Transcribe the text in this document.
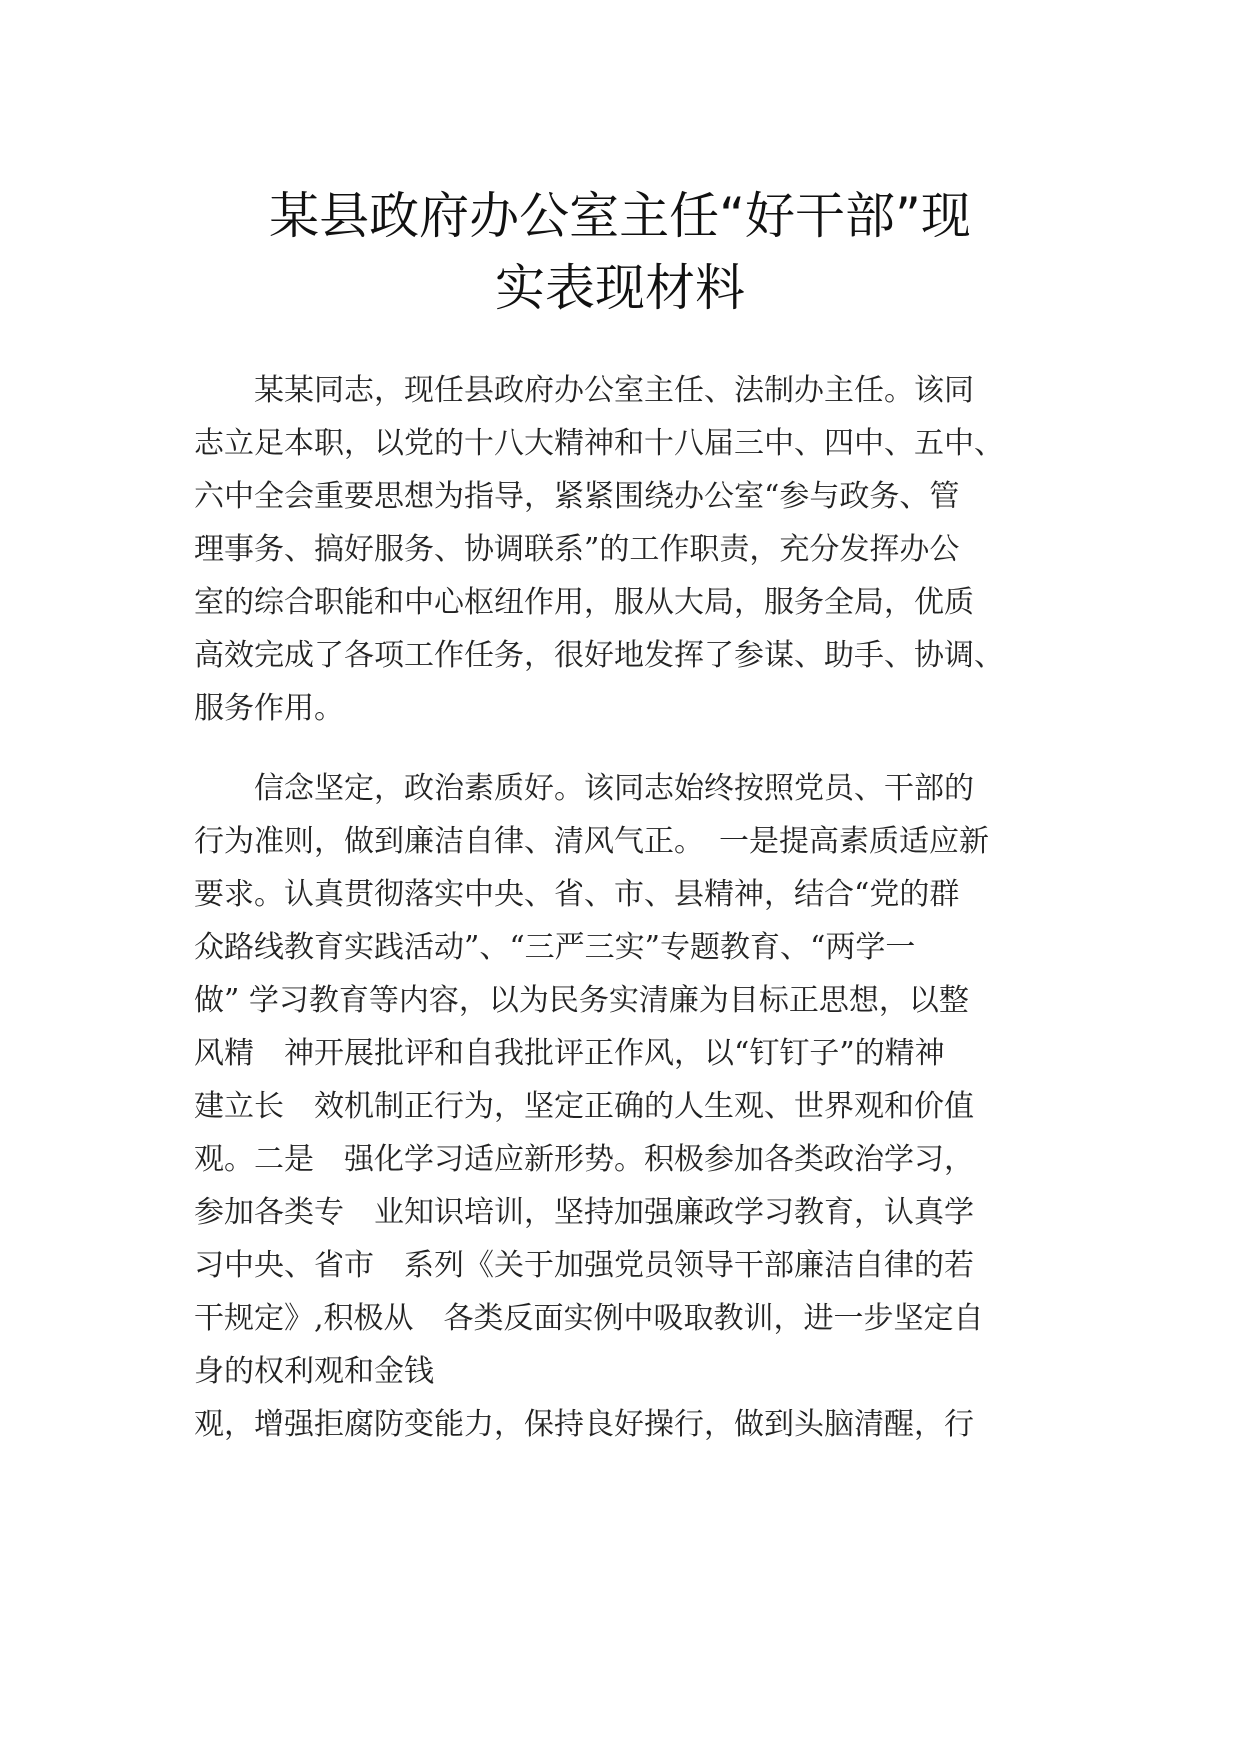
某县政府办公室主任“好干部”现
实表现材料
　　某某同志，现任县政府办公室主任、法制办主任。该同
志立足本职，以党的十八大精神和十八届三中、四中、五中、
六中全会重要思想为指导，紧紧围绕办公室“参与政务、管
理事务、搞好服务、协调联系”的工作职责，充分发挥办公
室的综合职能和中心枢纽作用，服从大局，服务全局，优质
高效完成了各项工作任务，很好地发挥了参谋、助手、协调、
服务作用。
　　信念坚定，政治素质好。该同志始终按照党员、干部的
行为准则，做到廉洁自律、清风气正。　一是提高素质适应新
要求。认真贯彻落实中央、省、市、县精神，结合“党的群
众路线教育实践活动”、“三严三实”专题教育、“两学一
做” 学习教育等内容，以为民务实清廉为目标正思想，以整
风精　神开展批评和自我批评正作风，以“钉钉子”的精神
建立长　效机制正行为，坚定正确的人生观、世界观和价值
观。二是　强化学习适应新形势。积极参加各类政治学习，
参加各类专　业知识培训，坚持加强廉政学习教育，认真学
习中央、省市　系列《关于加强党员领导干部廉洁自律的若
干规定》,积极从　各类反面实例中吸取教训，进一步坚定自
身的权利观和金钱
观，增强拒腐防变能力，保持良好操行，做到头脑清醒，行
